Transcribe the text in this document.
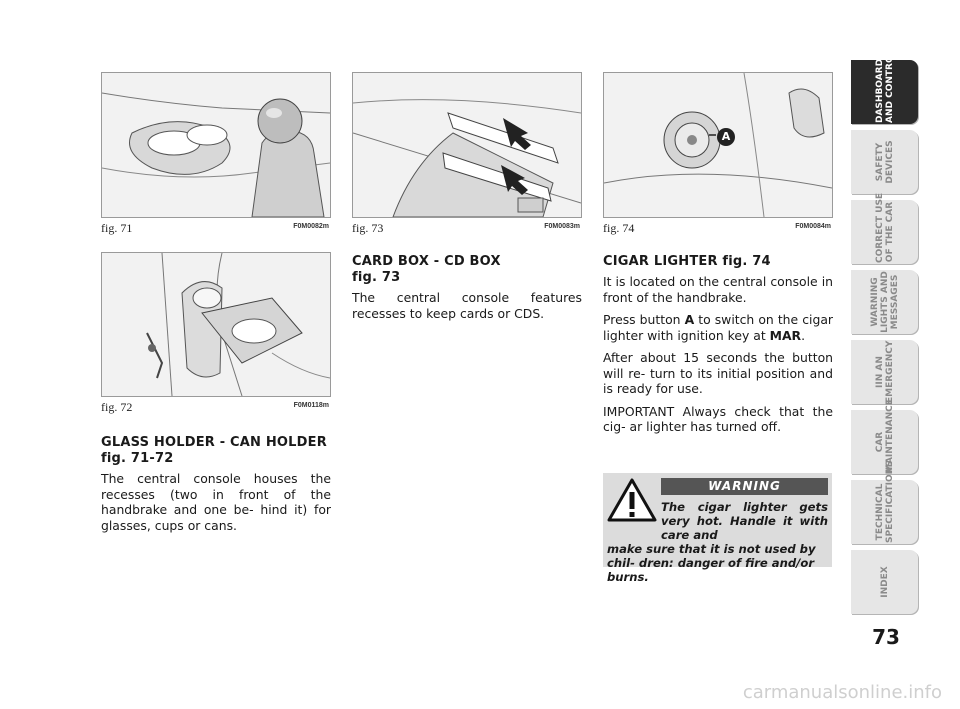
fig. 71	F0M0082m
fig. 72	F0M0118m
fig. 73	F0M0083m
A
fig. 74	F0M0084m
GLASS HOLDER - CAN HOLDER
fig. 71-72

The central console houses the recesses (two in front of the handbrake and one be- hind it) for glasses, cups or cans.

CARD BOX - CD BOX
fig. 73

The central console features recesses to keep cards or CDS.

CIGAR LIGHTER fig. 74

It is located on the central console in front of the handbrake.

Press button A to switch on the cigar lighter with ignition key at MAR.

After about 15 seconds the button will re- turn to its initial position and is ready for use.

IMPORTANT Always check that the cig- ar lighter has turned off.

WARNING
The cigar lighter gets very hot. Handle it with care and
make sure that it is not used by chil- dren: danger of fire and/or burns.
DASHBOARD
AND CONTROLS
SAFETY
DEVICES
CORRECT USE
OF THE CAR
WARNING
LIGHTS AND
MESSAGES
IIN AN
EMERGENCY
CAR
MAINTENANCE
TECHNICAL
SPECIFICATIONS
INDEX
73
carmanualsonline.info
